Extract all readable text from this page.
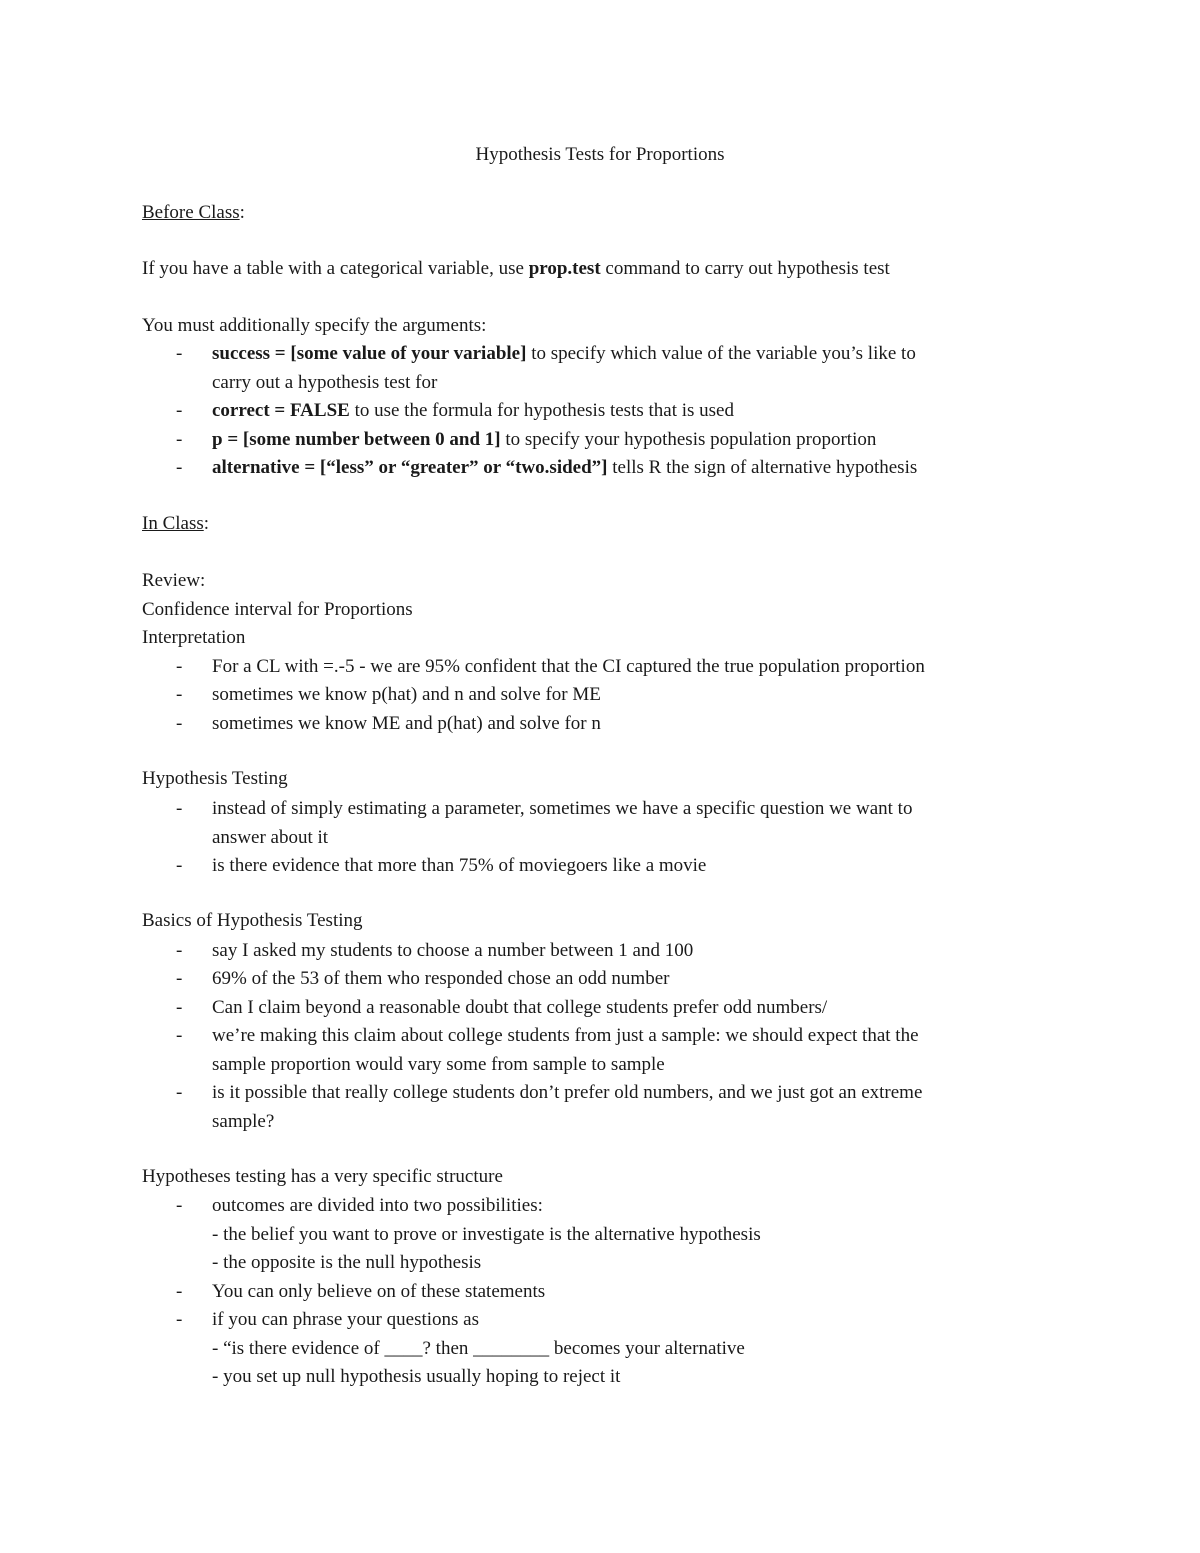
Hypothesis Tests for Proportions
Before Class:
If you have a table with a categorical variable, use prop.test command to carry out hypothesis test
You must additionally specify the arguments:
- success = [some value of your variable] to specify which value of the variable you’s like to
carry out a hypothesis test for
- correct = FALSE to use the formula for hypothesis tests that is used
- p = [some number between 0 and 1] to specify your hypothesis population proportion
- alternative = [“less” or “greater” or “two.sided”] tells R the sign of alternative hypothesis
In Class:
Review:
Confidence interval for Proportions
Interpretation
- For a CL with =.-5 - we are 95% confident that the CI captured the true population proportion
- sometimes we know p(hat) and n and solve for ME
- sometimes we know ME and p(hat) and solve for n
Hypothesis Testing
- instead of simply estimating a parameter, sometimes we have a specific question we want to
answer about it
- is there evidence that more than 75% of moviegoers like a movie
Basics of Hypothesis Testing
- say I asked my students to choose a number between 1 and 100
- 69% of the 53 of them who responded chose an odd number
- Can I claim beyond a reasonable doubt that college students prefer odd numbers/
- we’re making this claim about college students from just a sample: we should expect that the
sample proportion would vary some from sample to sample
- is it possible that really college students don’t prefer old numbers, and we just got an extreme
sample?
Hypotheses testing has a very specific structure
- outcomes are divided into two possibilities:
- the belief you want to prove or investigate is the alternative hypothesis
- the opposite is the null hypothesis
- You can only believe on of these statements
- if you can phrase your questions as
- “is there evidence of ____? then ________ becomes your alternative
- you set up null hypothesis usually hoping to reject it
